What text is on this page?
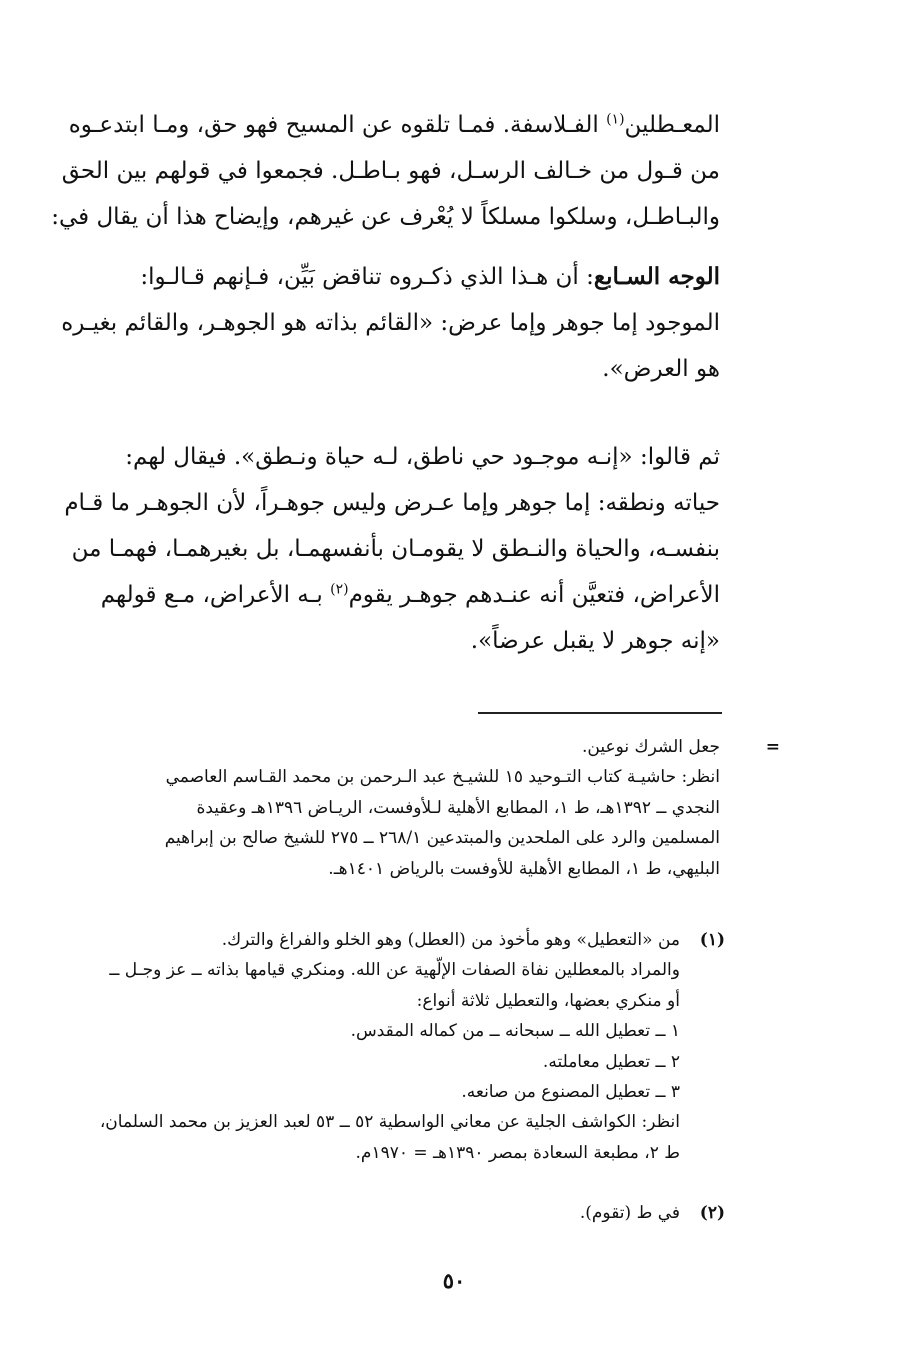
المعـطلين$^{(١)}$ الفـلاسفة. فمـا تلقوه عن المسيح فهو حق، ومـا ابتدعـوه
من قـول من خـالف الرسـل، فهو بـاطـل. فجمعوا في قولهم بين الحق
والبـاطـل، وسلكوا مسلكاً لا يُعْرف عن غيرهم، وإيضاح هذا أن يقال في:
الوجه السـابع: أن هـذا الذي ذكـروه تناقض بَيِّن، فـإنهم قـالـوا:
الموجود إما جوهر وإما عرض: «القائم بذاته هو الجوهـر، والقائم بغيـره
هو العرض».
ثم قالوا: «إنـه موجـود حي ناطق، لـه حياة ونـطق». فيقال لهم:
حياته ونطقه: إما جوهر وإما عـرض وليس جوهـراً، لأن الجوهـر ما قـام
بنفسـه، والحياة والنـطق لا يقومـان بأنفسهمـا، بل بغيرهمـا، فهمـا من
الأعراض، فتعيَّن أنه عنـدهم جوهـر يقوم$^{(٢)}$ بـه الأعراض، مـع قولهم
«إنه جوهر لا يقبل عرضاً».
=
جعل الشرك نوعين.
انظر: حاشيـة كتاب التـوحيد ١٥ للشيـخ عبد الـرحمن بن محمد القـاسم العاصمي
النجدي ــ ١٣٩٢هـ، ط ١، المطابع الأهلية لـلأوفست، الريـاض ١٣٩٦هـ وعقيدة
المسلمين والرد على الملحدين والمبتدعين ٢٦٨/١ ــ ٢٧٥ للشيخ صالح بن إبراهيم
البليهي، ط ١، المطابع الأهلية للأوفست بالرياض ١٤٠١هـ.
(١)
من «التعطيل» وهو مأخوذ من (العطل) وهو الخلو والفراغ والترك.
والمراد بالمعطلين نفاة الصفات الإلّهية عن الله. ومنكري قيامها بذاته ــ عز وجـل ــ
أو منكري بعضها، والتعطيل ثلاثة أنواع:
١ ــ تعطيل الله ــ سبحانه ــ من كماله المقدس.
٢ ــ تعطيل معاملته.
٣ ــ تعطيل المصنوع من صانعه.
انظر: الكواشف الجلية عن معاني الواسطية ٥٢ ــ ٥٣ لعبد العزيز بن محمد السلمان،
ط ٢، مطبعة السعادة بمصر ١٣٩٠هـ = ١٩٧٠م.
(٢)
في ط (تقوم).
٥٠
